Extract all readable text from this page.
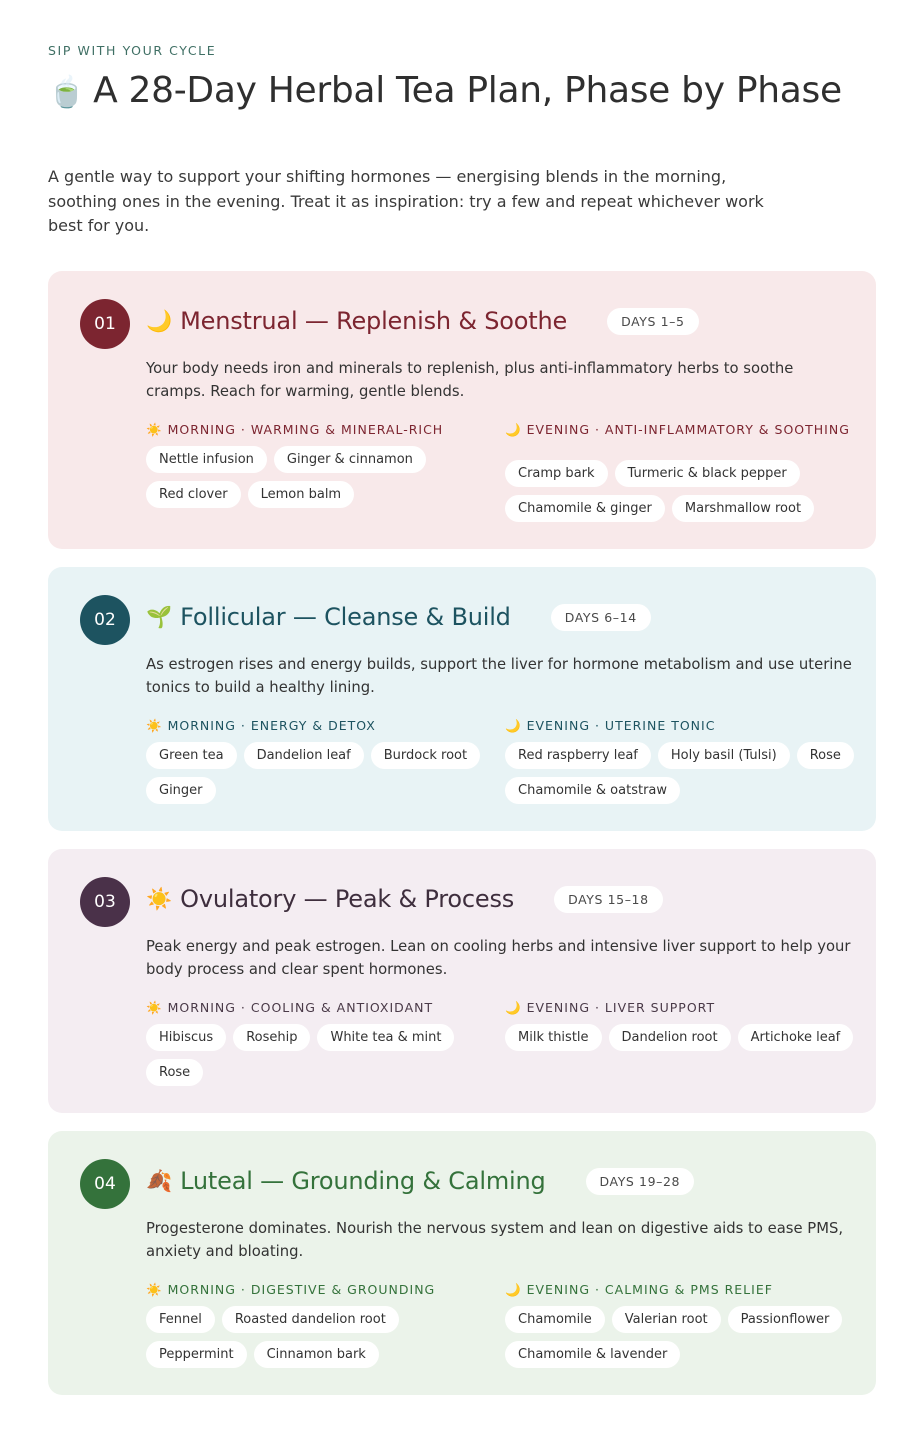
SIP WITH YOUR CYCLE
🍵 A 28-Day Herbal Tea Plan, Phase by Phase

A gentle way to support your shifting hormones — energising blends in the morning, soothing ones in the evening. Treat it as inspiration: try a few and repeat whichever work best for you.

01	🌙 Menstrual — Replenish & Soothe	DAYS 1–5

Your body needs iron and minerals to replenish, plus anti-inflammatory herbs to soothe cramps. Reach for warming, gentle blends.

☀️ MORNING · WARMING & MINERAL-RICH
Nettle infusion	Ginger & cinnamon
Red clover	Lemon balm
🌙 EVENING · ANTI-INFLAMMATORY & SOOTHING
Cramp bark	Turmeric & black pepper
Chamomile & ginger	Marshmallow root
02	🌱 Follicular — Cleanse & Build	DAYS 6–14

As estrogen rises and energy builds, support the liver for hormone metabolism and use uterine tonics to build a healthy lining.

☀️ MORNING · ENERGY & DETOX
Green tea	Dandelion leaf	Burdock root
Ginger
🌙 EVENING · UTERINE TONIC
Red raspberry leaf	Holy basil (Tulsi)	Rose
Chamomile & oatstraw
03	☀️ Ovulatory — Peak & Process	DAYS 15–18

Peak energy and peak estrogen. Lean on cooling herbs and intensive liver support to help your body process and clear spent hormones.

☀️ MORNING · COOLING & ANTIOXIDANT
Hibiscus	Rosehip	White tea & mint
Rose
🌙 EVENING · LIVER SUPPORT
Milk thistle	Dandelion root	Artichoke leaf
04	🍂 Luteal — Grounding & Calming	DAYS 19–28

Progesterone dominates. Nourish the nervous system and lean on digestive aids to ease PMS, anxiety and bloating.

☀️ MORNING · DIGESTIVE & GROUNDING
Fennel	Roasted dandelion root
Peppermint	Cinnamon bark
🌙 EVENING · CALMING & PMS RELIEF
Chamomile	Valerian root	Passionflower
Chamomile & lavender
